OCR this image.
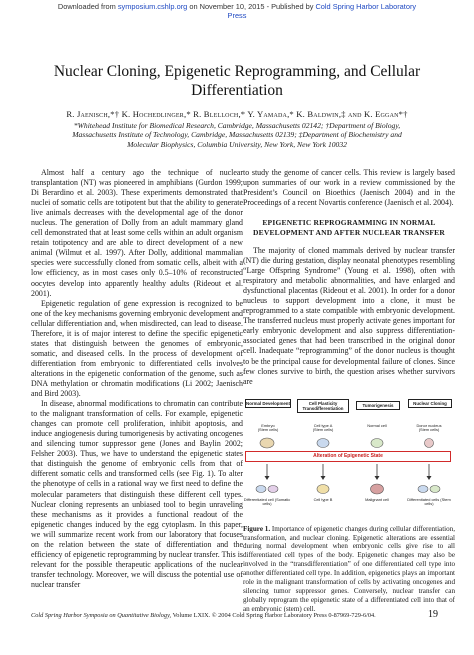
Downloaded from symposium.cshlp.org on November 10, 2015 - Published by Cold Spring Harbor Laboratory
Press
Nuclear Cloning, Epigenetic Reprogramming, and Cellular Differentiation
R. Jaenisch,*† K. Hochedlinger,* R. Blelloch,* Y. Yamada,* K. Baldwin,‡ and K. Eggan*†
*Whitehead Institute for Biomedical Research, Cambridge, Massachusetts 02142; †Department of Biology,
Massachusetts Institute of Technology, Cambridge, Massachusetts 02139; ‡Department of Biochemistry and
Molecular Biophysics, Columbia University, New York, New York 10032

Almost half a century ago the technique of nuclear transplantation (NT) was pioneered in amphibians (Gurdon 1999; Di Berardino et al. 2003). These experiments demonstrated that nuclei of somatic cells are totipotent but that the ability to generate live animals decreases with the developmental age of the donor nucleus. The generation of Dolly from an adult mammary gland cell demonstrated that at least some cells within an adult organism retain totipotency and are able to direct development of a new animal (Wilmut et al. 1997). After Dolly, additional mammalian species were successfully cloned from somatic cells, albeit with a low efficiency, as in most cases only 0.5–10% of reconstructed oocytes develop into apparently healthy adults (Rideout et al. 2001).

Epigenetic regulation of gene expression is recognized to be one of the key mechanisms governing embryonic development and cellular differentiation and, when misdirected, can lead to disease. Therefore, it is of major interest to define the specific epigenetic states that distinguish between the genomes of embryonic, somatic, and diseased cells. In the process of development of differentiation from embryonic to differentiated cells involves alterations in the epigenetic conformation of the genome, such as DNA methylation or chromatin modifications (Li 2002; Jaenisch and Bird 2003).

In disease, abnormal modifications to chromatin can contribute to the malignant transformation of cells. For example, epigenetic changes can promote cell proliferation, inhibit apoptosis, and induce angiogenesis during tumorigenesis by activating oncogenes and silencing tumor suppressor gene (Jones and Baylin 2002; Felsher 2003). Thus, we have to understand the epigenetic states that distinguish the genome of embryonic cells from that of different somatic cells and transformed cells (see Fig. 1). To alter the phenotype of cells in a rational way we first need to define the molecular parameters that distinguish these different cell types. Nuclear cloning represents an unbiased tool to begin unraveling these mechanisms as it provides a functional readout of the epigenetic changes induced by the egg cytoplasm. In this paper, we will summarize recent work from our laboratory that focuses on the relation between the state of differentiation and the efficiency of epigenetic reprogramming by nuclear transfer. This is relevant for the possible therapeutic applications of the nuclear transfer technology. Moreover, we will discuss the potential use of nuclear transfer

to study the genome of cancer cells. This review is largely based upon summaries of our work in a review commissioned by the President’s Council on Bioethics (Jaenisch 2004) and in the Proceedings of a recent Novartis conference (Jaenisch et al. 2004).

EPIGENETIC REPROGRAMMING IN NORMAL DEVELOPMENT AND AFTER NUCLEAR TRANSFER

The majority of cloned mammals derived by nuclear transfer (NT) die during gestation, display neonatal phenotypes resembling “Large Offspring Syndrome” (Young et al. 1998), often with respiratory and metabolic abnormalities, and have enlarged and dysfunctional placentas (Rideout et al. 2001). In order for a donor nucleus to support development into a clone, it must be reprogrammed to a state compatible with embryonic development. The transferred nucleus must properly activate genes important for early embryonic development and also suppress differentiation-associated genes that had been transcribed in the original donor cell. Inadequate “reprogramming” of the donor nucleus is thought to be the principal cause for developmental failure of clones. Since few clones survive to birth, the question arises whether survivors are

Normal Development	Cell Plasticity Transdifferentiation
Tumorigenesis	Nuclear Cloning
Embryo
(Stem cells)
Cell type A
(Stem cells)
Normal cell	Donor nucleus
(Stem cells)
Alteration of Epigenetic State
Differentiated cell (Somatic cells)
Cell type B	Malignant cell	Differentiated cells (Stem cells)
Figure 1. Importance of epigenetic changes during cellular differentiation, transformation, and nuclear cloning. Epigenetic alterations are essential during normal development when embryonic cells give rise to all differentiated cell types of the body. Epigenetic changes may also be involved in the “transdifferentiation” of one differentiated cell type into another differentiated cell type. In addition, epigenetics plays an important role in the malignant transformation of cells by activating oncogenes and silencing tumor suppressor genes. Conversely, nuclear transfer can globally reprogram the epigenetic state of a differentiated cell into that of an embryonic (stem) cell.
Cold Spring Harbor Symposia on Quantitative Biology, Volume LXIX. © 2004 Cold Spring Harbor Laboratory Press 0-87969-729-6/04.	19
